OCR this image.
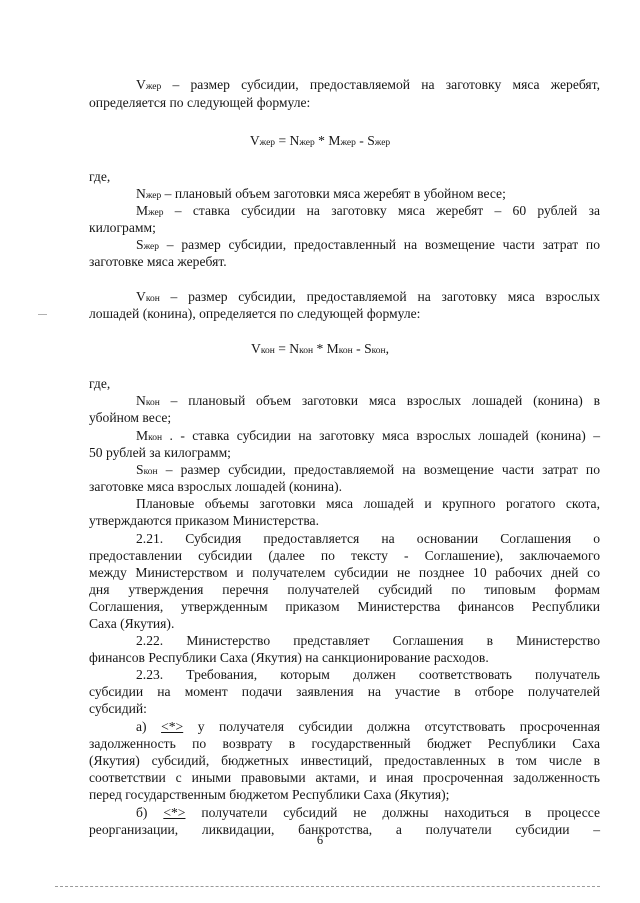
Vжер – размер субсидии, предоставляемой на заготовку мяса жеребят,
определяется по следующей формуле:
Vжер = Nжер * Mжер - Sжер
где,
Nжер – плановый объем заготовки мяса жеребят в убойном весе;
Mжер – ставка субсидии на заготовку мяса жеребят – 60 рублей за
килограмм;
Sжер – размер субсидии, предоставленный на возмещение части затрат по
заготовке мяса жеребят.
Vкон – размер субсидии, предоставляемой на заготовку мяса взрослых
лошадей (конина), определяется по следующей формуле:
Vкон = Nкон * Mкон - Sкон,
где,
Nкон – плановый объем заготовки мяса взрослых лошадей (конина) в
убойном весе;
Mкон . - ставка субсидии на заготовку мяса взрослых лошадей (конина) –
50 рублей за килограмм;
Sкон – размер субсидии, предоставляемой на возмещение части затрат по
заготовке мяса взрослых лошадей (конина).
Плановые объемы заготовки мяса лошадей и крупного рогатого скота,
утверждаются приказом Министерства.
2.21. Субсидия предоставляется на основании Соглашения о
предоставлении субсидии (далее по тексту - Соглашение), заключаемого
между Министерством и получателем субсидии не позднее 10 рабочих дней со
дня утверждения перечня получателей субсидий по типовым формам
Соглашения, утвержденным приказом Министерства финансов Республики
Саха (Якутия).
2.22. Министерство представляет Соглашения в Министерство
финансов Республики Саха (Якутия) на санкционирование расходов.
2.23. Требования, которым должен соответствовать получатель
субсидии на момент подачи заявления на участие в отборе получателей
субсидий:
а) <*> у получателя субсидии должна отсутствовать просроченная
задолженность по возврату в государственный бюджет Республики Саха
(Якутия) субсидий, бюджетных инвестиций, предоставленных в том числе в
соответствии с иными правовыми актами, и иная просроченная задолженность
перед государственным бюджетом Республики Саха (Якутия);
б) <*> получатели субсидий не должны находиться в процессе
реорганизации, ликвидации, банкротства, а получатели субсидии –
6
